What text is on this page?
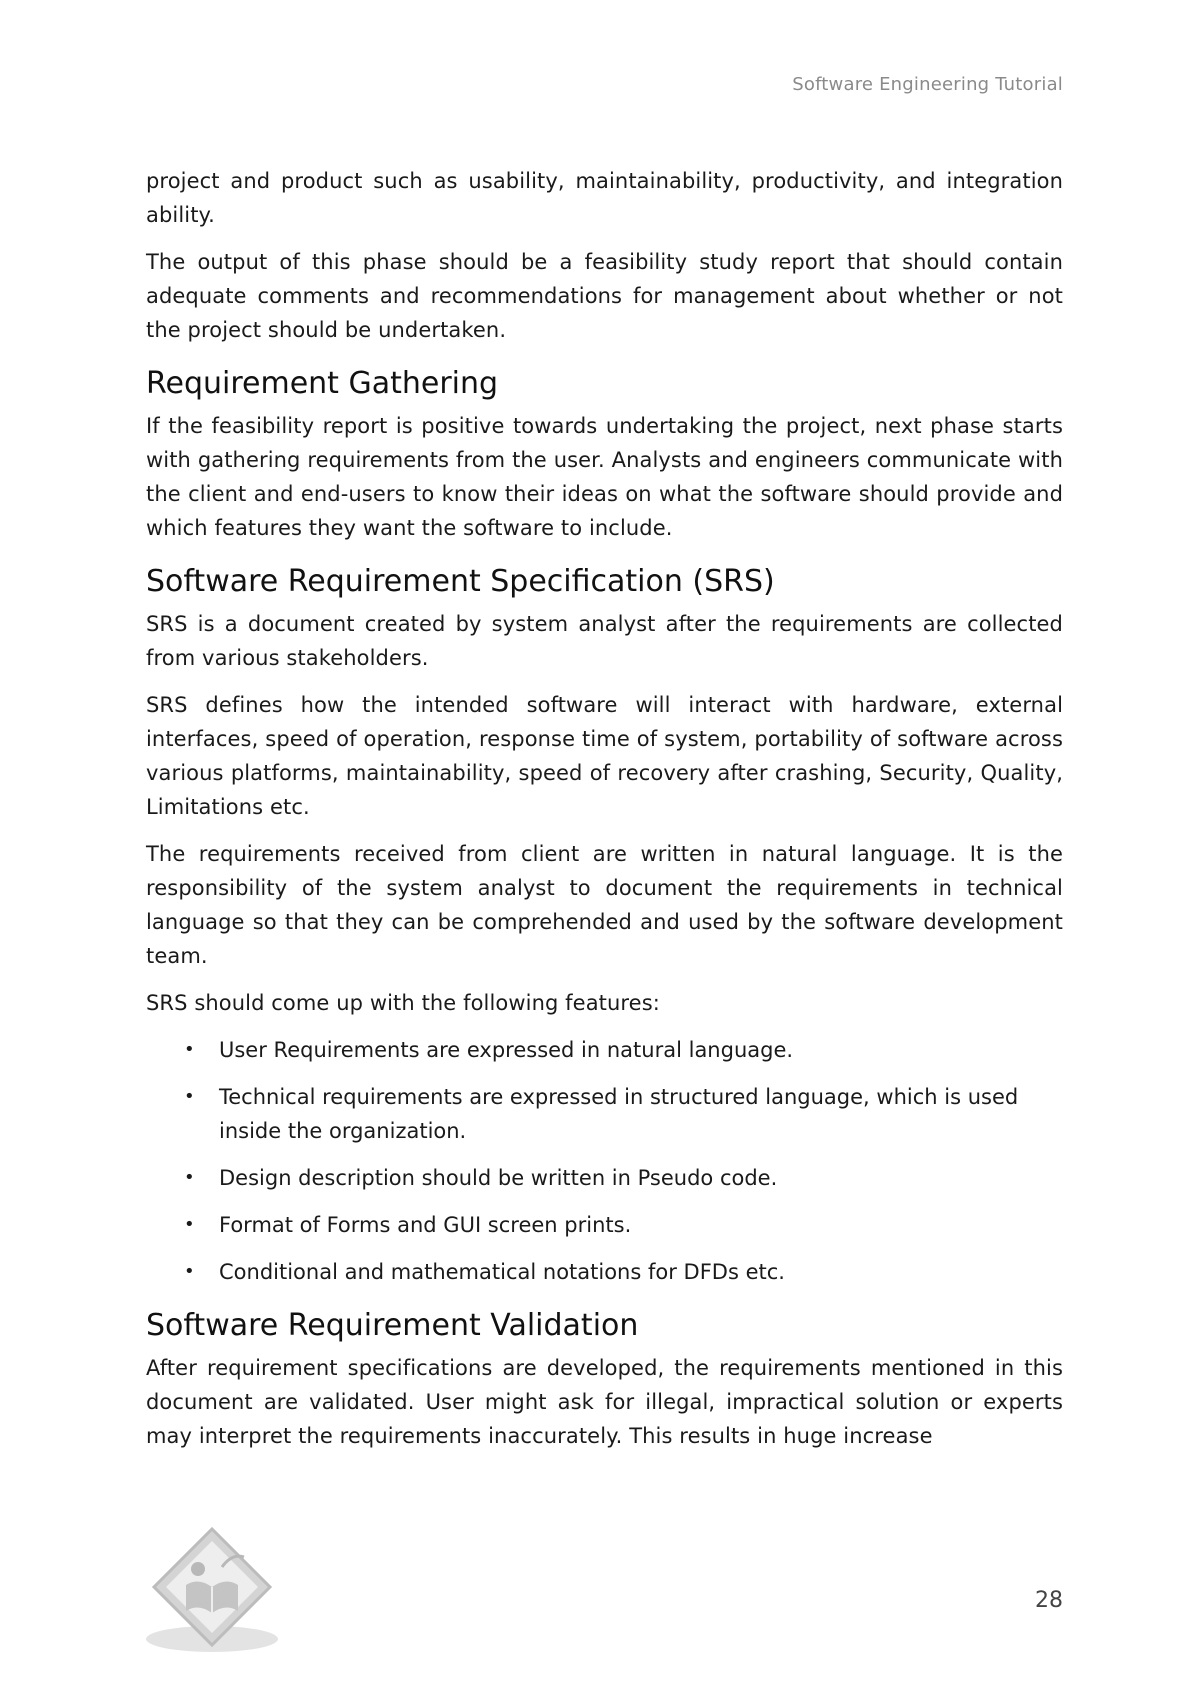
Software Engineering Tutorial

project and product such as usability, maintainability, productivity, and integration ability.

The output of this phase should be a feasibility study report that should contain adequate comments and recommendations for management about whether or not the project should be undertaken.

Requirement Gathering

If the feasibility report is positive towards undertaking the project, next phase starts with gathering requirements from the user. Analysts and engineers communicate with the client and end-users to know their ideas on what the software should provide and which features they want the software to include.

Software Requirement Specification (SRS)

SRS is a document created by system analyst after the requirements are collected from various stakeholders.

SRS defines how the intended software will interact with hardware, external interfaces, speed of operation, response time of system, portability of software across various platforms, maintainability, speed of recovery after crashing, Security, Quality, Limitations etc.

The requirements received from client are written in natural language. It is the responsibility of the system analyst to document the requirements in technical language so that they can be comprehended and used by the software development team.

SRS should come up with the following features:

• User Requirements are expressed in natural language.
• Technical requirements are expressed in structured language, which is used inside the organization.
• Design description should be written in Pseudo code.
• Format of Forms and GUI screen prints.
• Conditional and mathematical notations for DFDs etc.
Software Requirement Validation

After requirement specifications are developed, the requirements mentioned in this document are validated. User might ask for illegal, impractical solution or experts may interpret the requirements inaccurately. This results in huge increase

28
